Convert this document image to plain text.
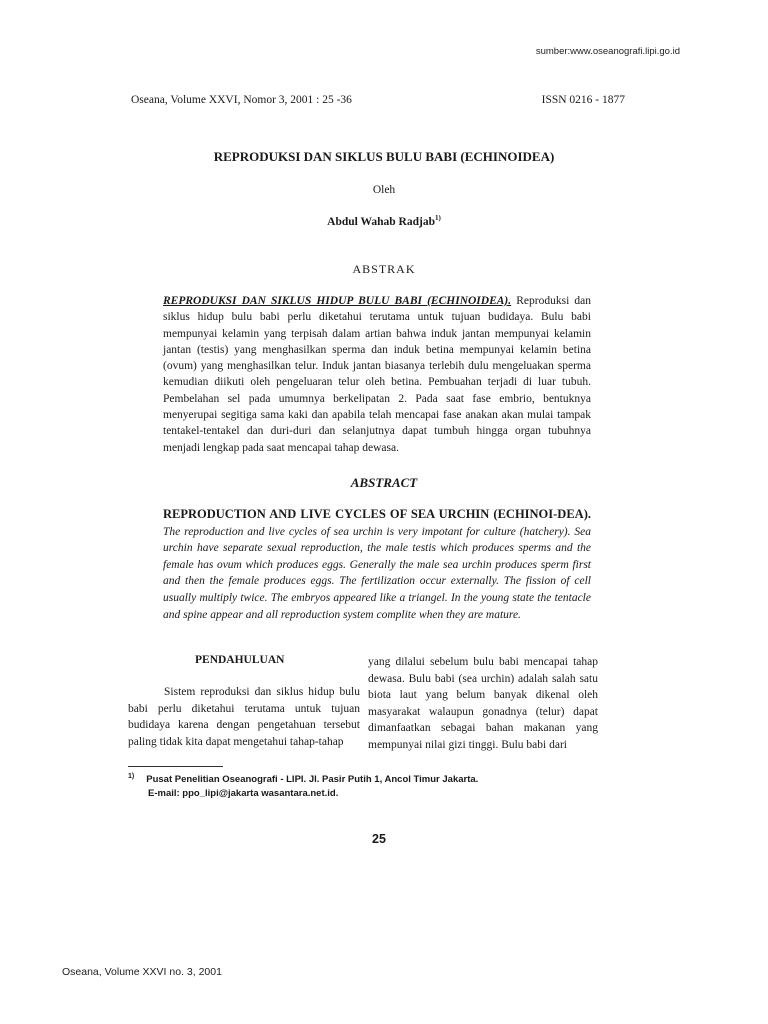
sumber:www.oseanografi.lipi.go.id
Oseana, Volume XXVI, Nomor 3, 2001 : 25 -36	ISSN 0216 - 1877
REPRODUKSI DAN SIKLUS BULU BABI (ECHINOIDEA)
Oleh
Abdul Wahab Radjab$^{1)}$
ABSTRAK
REPRODUKSI DAN SIKLUS HIDUP BULU BABI (ECHINOIDEA). Reproduksi dan siklus hidup bulu babi perlu diketahui terutama untuk tujuan budidaya. Bulu babi mempunyai kelamin yang terpisah dalam artian bahwa induk jantan mempunyai kelamin jantan (testis) yang menghasilkan sperma dan induk betina mempunyai kelamin betina (ovum) yang menghasilkan telur. Induk jantan biasanya terlebih dulu mengeluakan sperma kemudian diikuti oleh pengeluaran telur oleh betina. Pembuahan terjadi di luar tubuh. Pembelahan sel pada umumnya berkelipatan 2. Pada saat fase embrio, bentuknya menyerupai segitiga sama kaki dan apabila telah mencapai fase anakan akan mulai tampak tentakel-tentakel dan duri-duri dan selanjutnya dapat tumbuh hingga organ tubuhnya menjadi lengkap pada saat mencapai tahap dewasa.
ABSTRACT
REPRODUCTION AND LIVE CYCLES OF SEA URCHIN (ECHINOI-DEA). The reproduction and live cycles of sea urchin is very impotant for culture (hatchery). Sea urchin have separate sexual reproduction, the male testis which produces sperms and the female has ovum which produces eggs. Generally the male sea urchin produces sperm first and then the female produces eggs. The fertilization occur externally. The fission of cell usually multiply twice. The embryos appeared like a triangel. In the young state the tentacle and spine appear and all reproduction system complite when they are mature.
PENDAHULUAN
Sistem reproduksi dan siklus hidup bulu babi perlu diketahui terutama untuk tujuan budidaya karena dengan pengetahuan tersebut paling tidak kita dapat mengetahui tahap-tahap
yang dilalui sebelum bulu babi mencapai tahap dewasa. Bulu babi (sea urchin) adalah salah satu biota laut yang belum banyak dikenal oleh masyarakat walaupun gonadnya (telur) dapat dimanfaatkan sebagai bahan makanan yang mempunyai nilai gizi tinggi. Bulu babi dari
$^{1)}$ Pusat Penelitian Oseanografi - LIPI. Jl. Pasir Putih 1, Ancol Timur Jakarta.
E-mail: ppo_lipi@jakarta wasantara.net.id.
25
Oseana, Volume XXVI no. 3, 2001
